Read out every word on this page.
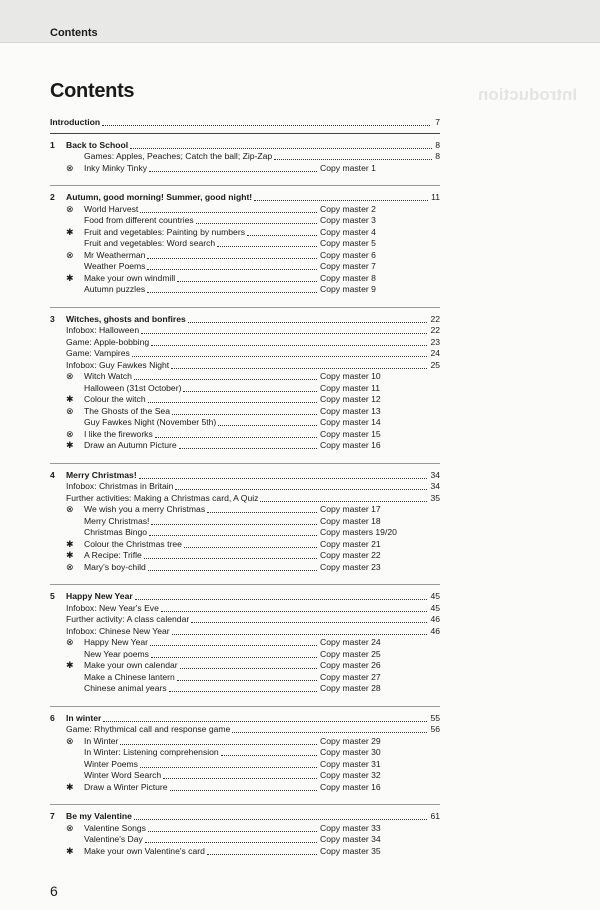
Contents
Introduction
Contents
Introduction	7
1	Back to School	8
Games: Apples, Peaches; Catch the ball; Zip-Zap	8
⊗	Inky Minky Tinky	Copy master 1
2	Autumn, good morning! Summer, good night!	11
⊗	World Harvest	Copy master 2
Food from different countries	Copy master 3
✱	Fruit and vegetables: Painting by numbers	Copy master 4
Fruit and vegetables: Word search	Copy master 5
⊗	Mr Weatherman	Copy master 6
Weather Poems	Copy master 7
✱	Make your own windmill	Copy master 8
Autumn puzzles	Copy master 9
3	Witches, ghosts and bonfires	22
Infobox: Halloween	22
Game: Apple-bobbing	23
Game: Vampires	24
Infobox: Guy Fawkes Night	25
⊗	Witch Watch	Copy master 10
Halloween (31st October)	Copy master 11
✱	Colour the witch	Copy master 12
⊗	The Ghosts of the Sea	Copy master 13
Guy Fawkes Night (November 5th)	Copy master 14
⊗	I like the fireworks	Copy master 15
✱	Draw an Autumn Picture	Copy master 16
4	Merry Christmas!	34
Infobox: Christmas in Britain	34
Further activities: Making a Christmas card, A Quiz	35
⊗	We wish you a merry Christmas	Copy master 17
Merry Christmas!	Copy master 18
Christmas Bingo	Copy masters 19/20
✱	Colour the Christmas tree	Copy master 21
✱	A Recipe: Trifle	Copy master 22
⊗	Mary's boy-child	Copy master 23
5	Happy New Year	45
Infobox: New Year's Eve	45
Further activity: A class calendar	46
Infobox: Chinese New Year	46
⊗	Happy New Year	Copy master 24
New Year poems	Copy master 25
✱	Make your own calendar	Copy master 26
Make a Chinese lantern	Copy master 27
Chinese animal years	Copy master 28
6	In winter	55
Game: Rhythmical call and response game	56
⊗	In Winter	Copy master 29
In Winter: Listening comprehension	Copy master 30
Winter Poems	Copy master 31
Winter Word Search	Copy master 32
✱	Draw a Winter Picture	Copy master 16
7	Be my Valentine	61
⊗	Valentine Songs	Copy master 33
Valentine's Day	Copy master 34
✱	Make your own Valentine's card	Copy master 35
6
